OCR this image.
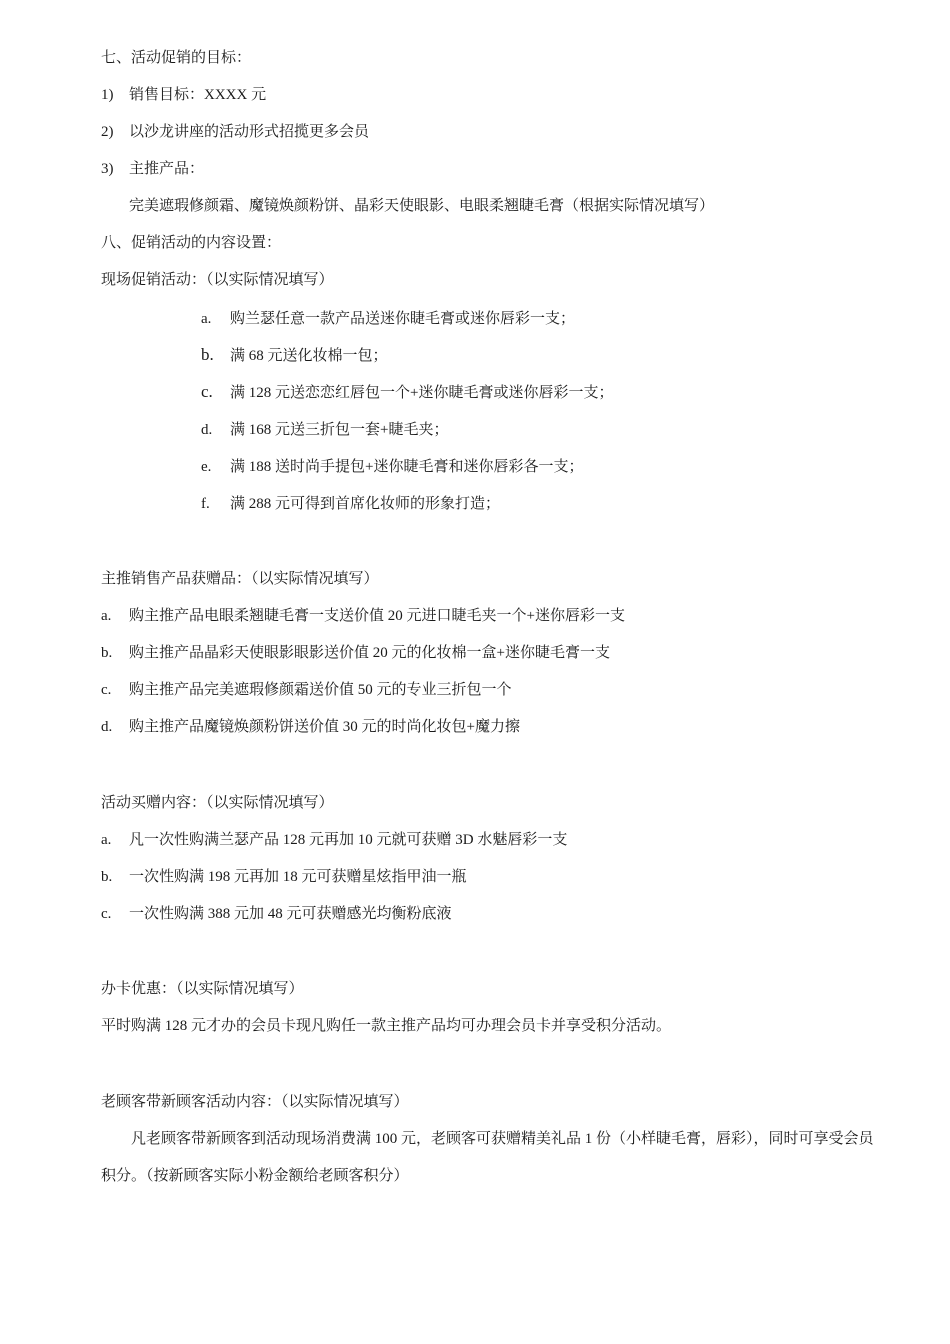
七、活动促销的目标：
1) 销售目标：XXXX 元
2) 以沙龙讲座的活动形式招揽更多会员
3) 主推产品：
完美遮瑕修颜霜、魔镜焕颜粉饼、晶彩天使眼影、电眼柔翘睫毛膏（根据实际情况填写）
八、促销活动的内容设置：
现场促销活动：（以实际情况填写）
a. 购兰瑟任意一款产品送迷你睫毛膏或迷你唇彩一支；
b. 满 68 元送化妆棉一包；
c. 满 128 元送恋恋红唇包一个+迷你睫毛膏或迷你唇彩一支；
d. 满 168 元送三折包一套+睫毛夹；
e. 满 188 送时尚手提包+迷你睫毛膏和迷你唇彩各一支；
f. 满 288 元可得到首席化妆师的形象打造；
主推销售产品获赠品：（以实际情况填写）
a. 购主推产品电眼柔翘睫毛膏一支送价值 20 元进口睫毛夹一个+迷你唇彩一支
b. 购主推产品晶彩天使眼影眼影送价值 20 元的化妆棉一盒+迷你睫毛膏一支
c. 购主推产品完美遮瑕修颜霜送价值 50 元的专业三折包一个
d. 购主推产品魔镜焕颜粉饼送价值 30 元的时尚化妆包+魔力擦
活动买赠内容：（以实际情况填写）
a. 凡一次性购满兰瑟产品 128 元再加 10 元就可获赠 3D 水魅唇彩一支
b. 一次性购满 198 元再加 18 元可获赠星炫指甲油一瓶
c. 一次性购满 388 元加 48 元可获赠感光均衡粉底液
办卡优惠：（以实际情况填写）
平时购满 128 元才办的会员卡现凡购任一款主推产品均可办理会员卡并享受积分活动。
老顾客带新顾客活动内容：（以实际情况填写）
凡老顾客带新顾客到活动现场消费满 100 元，老顾客可获赠精美礼品 1 份（小样睫毛膏，唇彩），同时可享受会员积分。（按新顾客实际小粉金额给老顾客积分）
